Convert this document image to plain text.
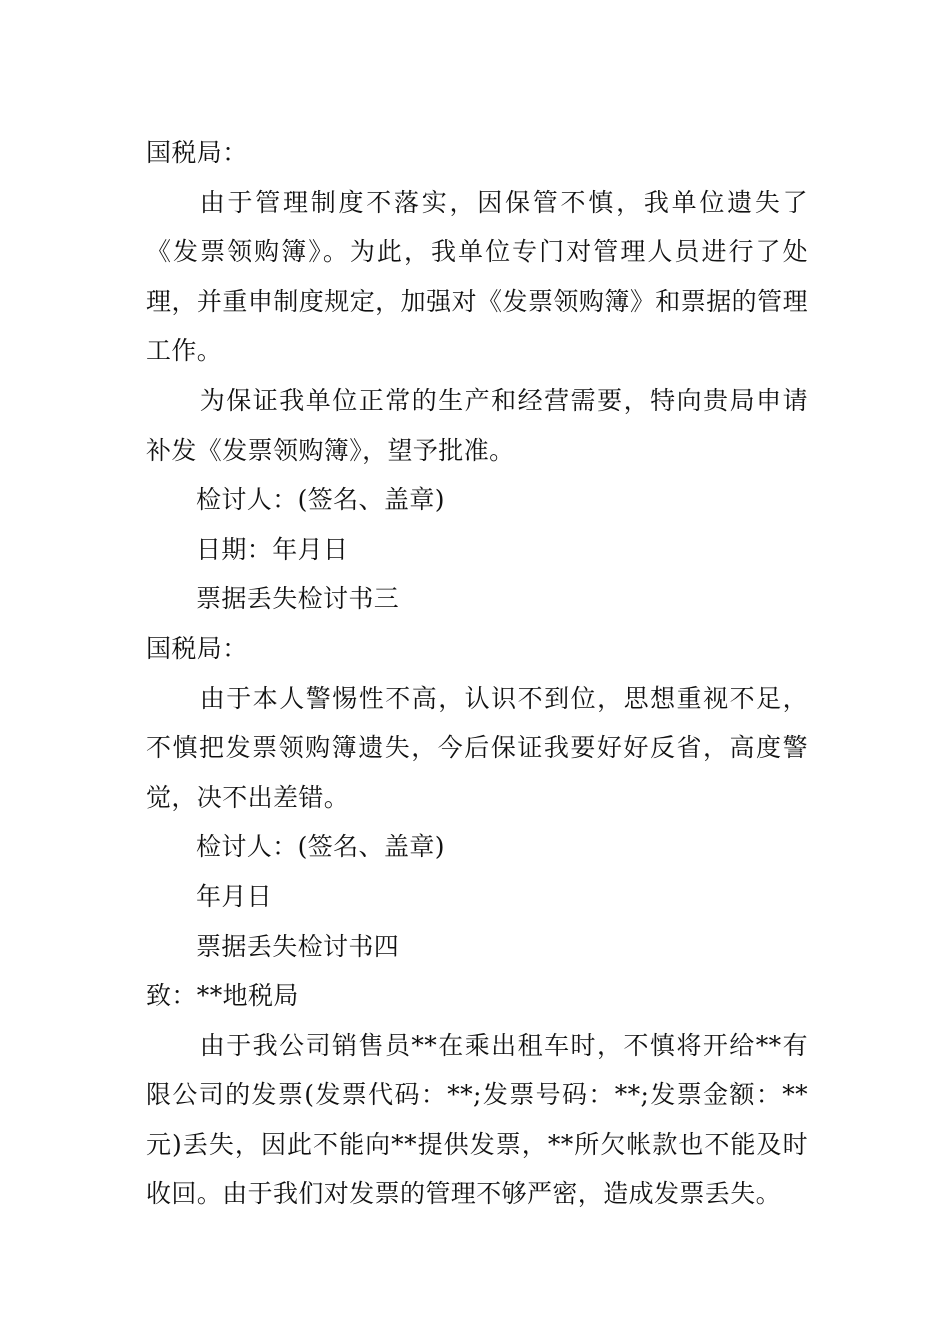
国税局：

由于管理制度不落实，因保管不慎，我单位遗失了《发票领购簿》。为此，我单位专门对管理人员进行了处理，并重申制度规定，加强对《发票领购簿》和票据的管理工作。

为保证我单位正常的生产和经营需要，特向贵局申请补发《发票领购簿》，望予批准。

检讨人：(签名、盖章)

日期：年月日

票据丢失检讨书三

国税局：

由于本人警惕性不高，认识不到位，思想重视不足，不慎把发票领购簿遗失，今后保证我要好好反省，高度警觉，决不出差错。

检讨人：(签名、盖章)

年月日

票据丢失检讨书四

致：**地税局

由于我公司销售员**在乘出租车时，不慎将开给**有限公司的发票(发票代码：**;发票号码：**;发票金额：**元)丢失，因此不能向**提供发票，**所欠帐款也不能及时收回。由于我们对发票的管理不够严密，造成发票丢失。
